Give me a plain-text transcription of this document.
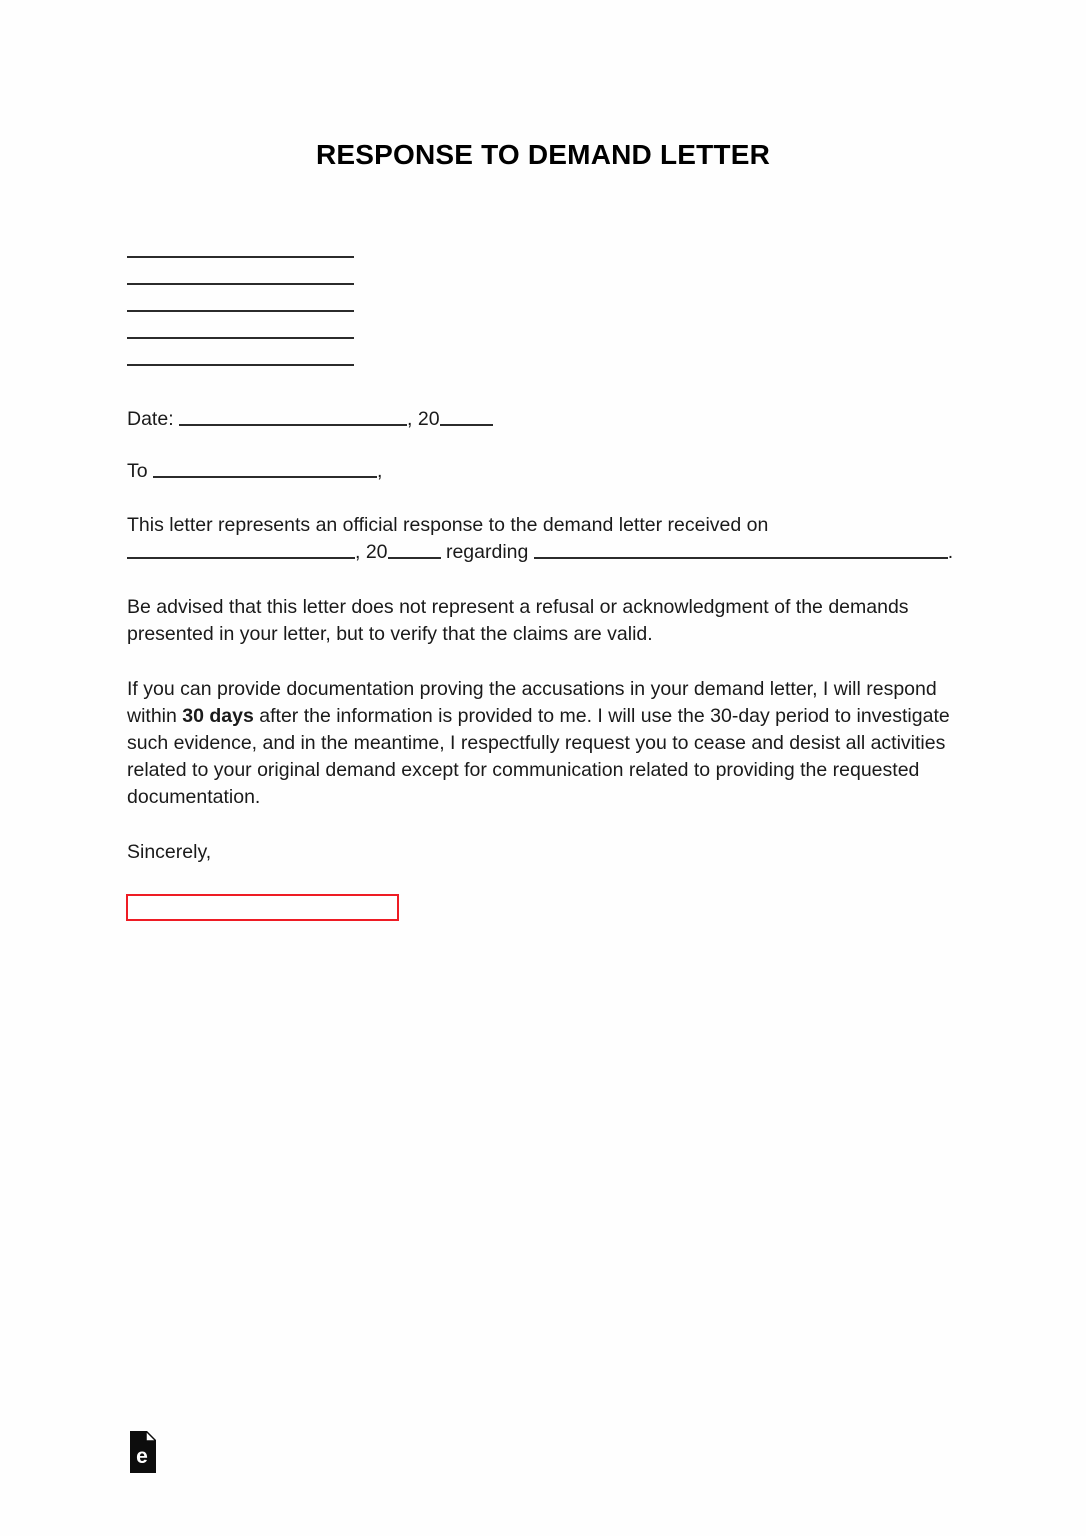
RESPONSE TO DEMAND LETTER
Date:	, 20
To	,

This letter represents an official response to the demand letter received on
, 20	regarding	.

Be advised that this letter does not represent a refusal or acknowledgment of the demands presented in your letter, but to verify that the claims are valid.

If you can provide documentation proving the accusations in your demand letter, I will respond within 30 days after the information is provided to me. I will use the 30-day period to investigate such evidence, and in the meantime, I respectfully request you to cease and desist all activities related to your original demand except for communication related to providing the requested documentation.

Sincerely,

e
